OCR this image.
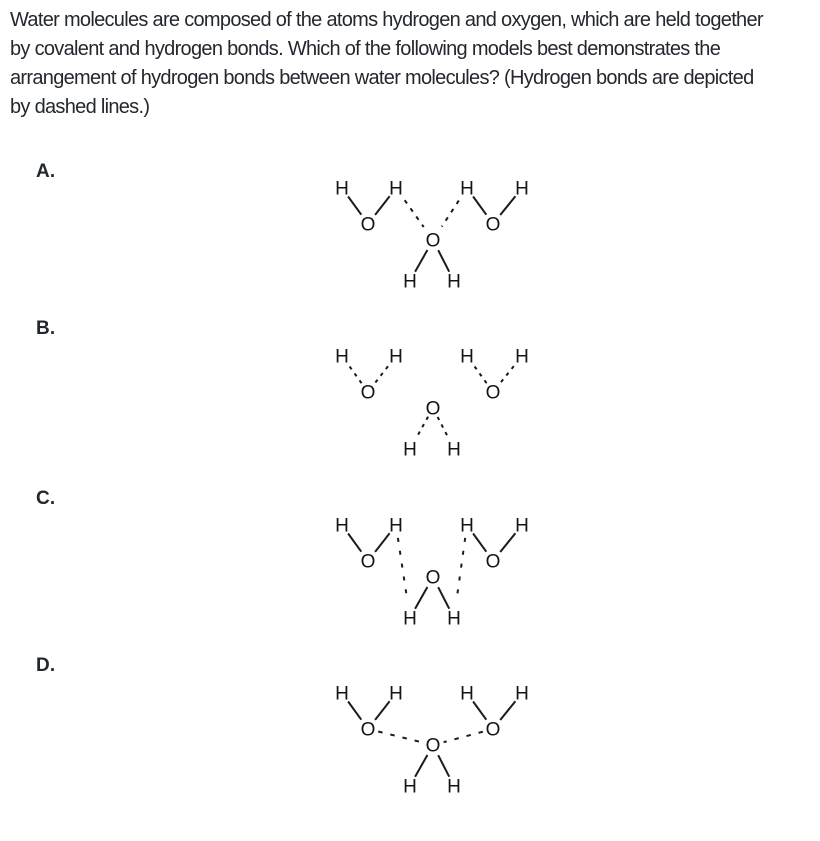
Water molecules are composed of the atoms hydrogen and oxygen, which are held together
by covalent and hydrogen bonds. Which of the following models best demonstrates the
arrangement of hydrogen bonds between water molecules? (Hydrogen bonds are depicted
by dashed lines.)
A.
H H	H H
O	O
O
H H
B.
H H	H H
O	O
O
H H
C.
H H	H H
O	O
O
H H
D.
H H	H H
O	O
O
H H
